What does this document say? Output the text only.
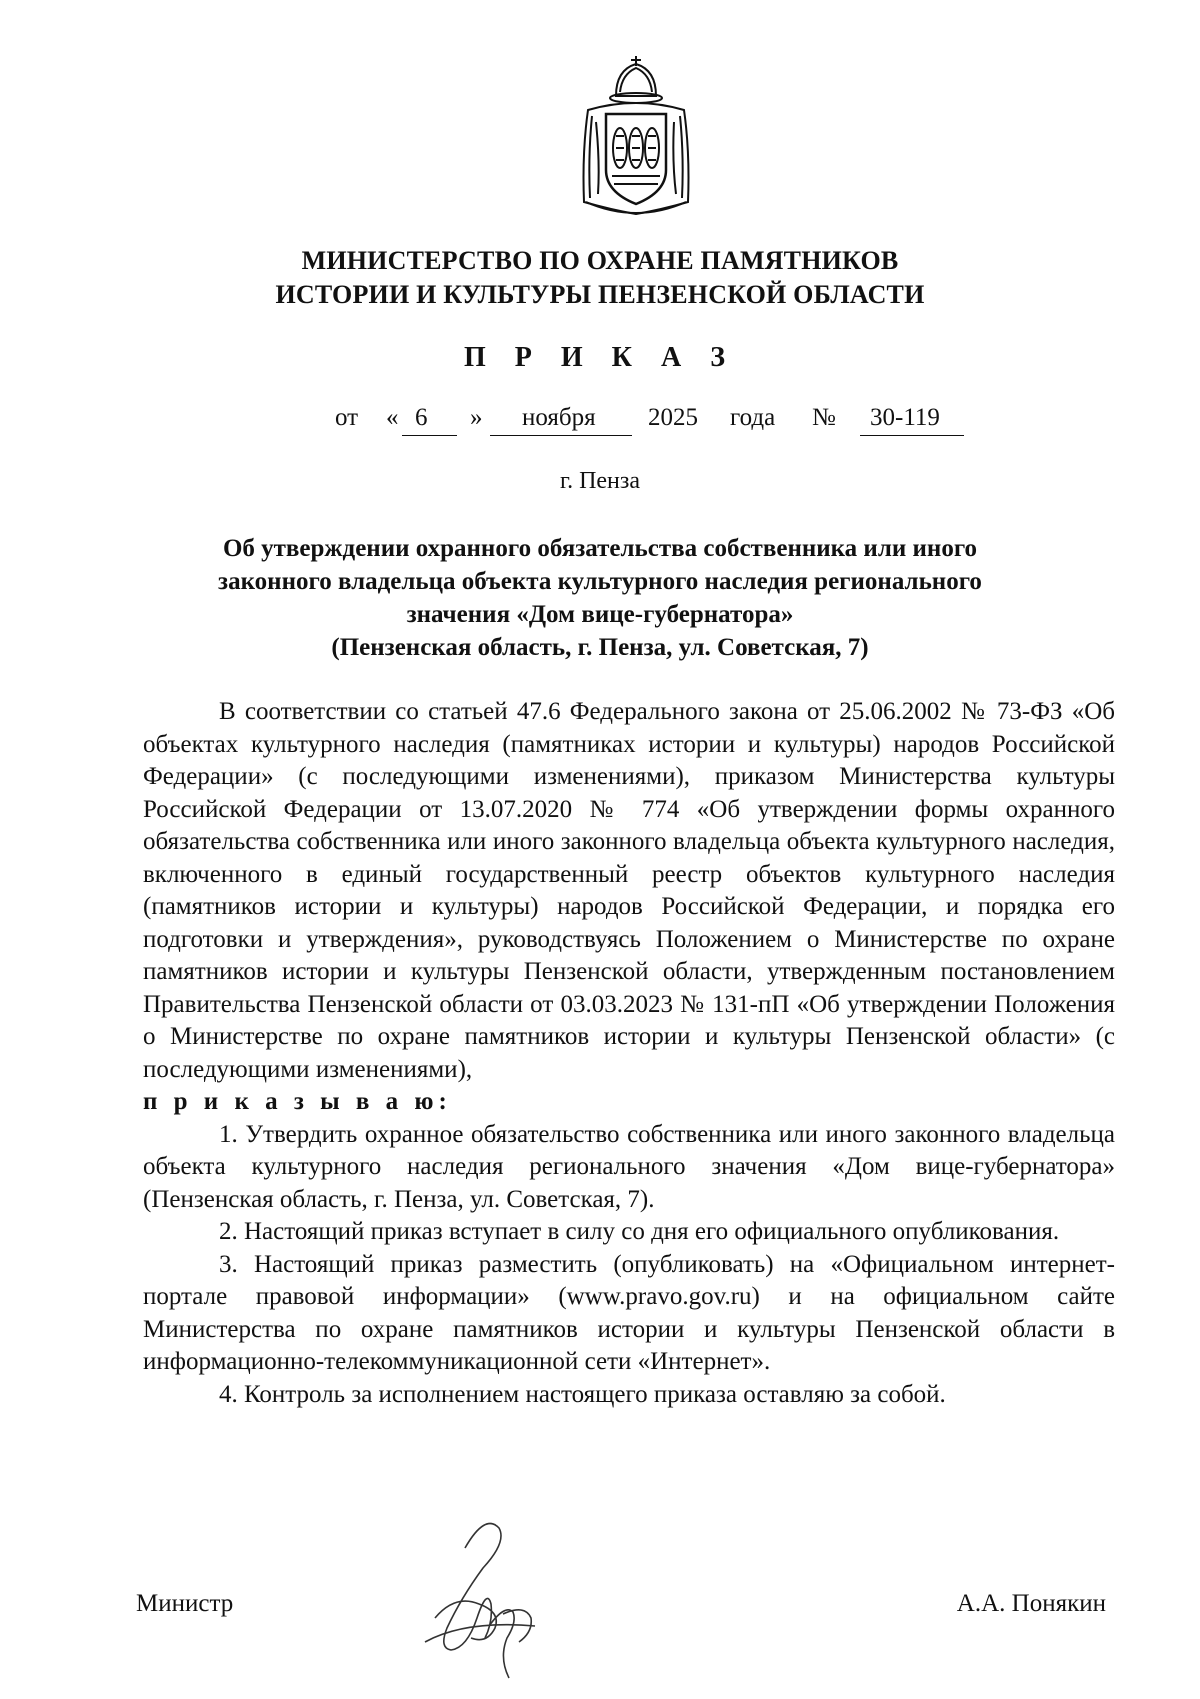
МИНИСТЕРСТВО ПО ОХРАНЕ ПАМЯТНИКОВ
ИСТОРИИ И КУЛЬТУРЫ ПЕНЗЕНСКОЙ ОБЛАСТИ
П Р И К А З
от « 6 » ноября 2025 года № 30-119
г. Пенза
Об утверждении охранного обязательства собственника или иного
законного владельца объекта культурного наследия регионального
значения «Дом вице-губернатора»
(Пензенская область, г. Пенза, ул. Советская, 7)

В соответствии со статьей 47.6 Федерального закона от 25.06.2002 № 73-ФЗ «Об объектах культурного наследия (памятниках истории и культуры) народов Российской Федерации» (с последующими изменениями), приказом Министерства культуры Российской Федерации от 13.07.2020 № 774 «Об утверждении формы охранного обязательства собственника или иного законного владельца объекта культурного наследия, включенного в единый государственный реестр объектов культурного наследия (памятников истории и культуры) народов Российской Федерации, и порядка его подготовки и утверждения», руководствуясь Положением о Министерстве по охране памятников истории и культуры Пензенской области, утвержденным постановлением Правительства Пензенской области от 03.03.2023 № 131-пП «Об утверждении Положения о Министерстве по охране памятников истории и культуры Пензенской области» (с последующими изменениями),
п р и к а з ы в а ю:

1. Утвердить охранное обязательство собственника или иного законного владельца объекта культурного наследия регионального значения «Дом вице-губернатора» (Пензенская область, г. Пенза, ул. Советская, 7).

2. Настоящий приказ вступает в силу со дня его официального опубликования.

3. Настоящий приказ разместить (опубликовать) на «Официальном интернет-портале правовой информации» (www.pravo.gov.ru) и на официальном сайте Министерства по охране памятников истории и культуры Пензенской области в информационно-телекоммуникационной сети «Интернет».

4. Контроль за исполнением настоящего приказа оставляю за собой.

Министр	А.А. Понякин
